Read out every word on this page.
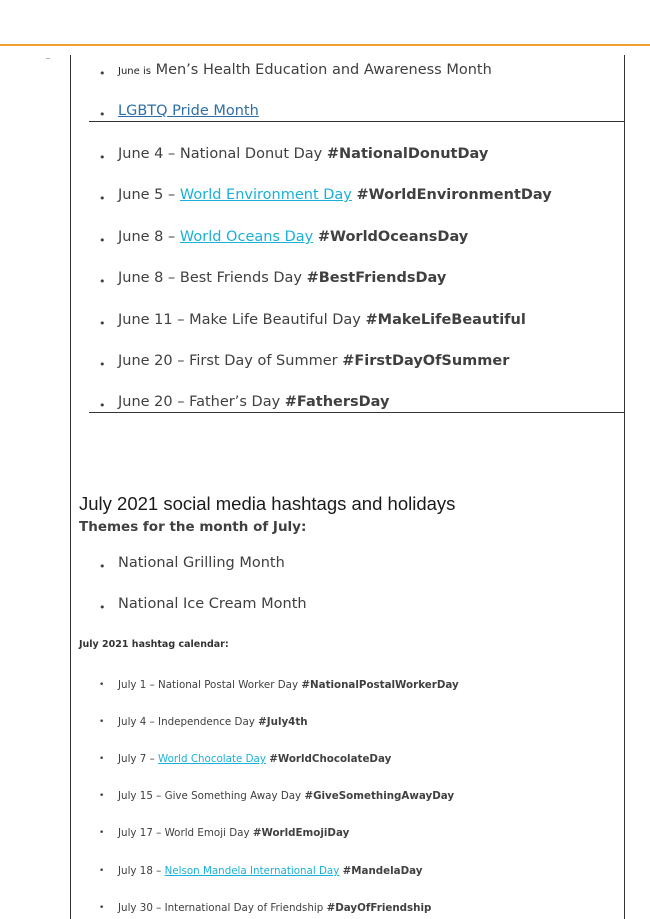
• June is Men’s Health Education and Awareness Month
• LGBTQ Pride Month
• June 4 – National Donut Day #NationalDonutDay
• June 5 – World Environment Day #WorldEnvironmentDay
• June 8 – World Oceans Day #WorldOceansDay
• June 8 – Best Friends Day #BestFriendsDay
• June 11 – Make Life Beautiful Day #MakeLifeBeautiful
• June 20 – First Day of Summer #FirstDayOfSummer
• June 20 – Father’s Day #FathersDay
July 2021 social media hashtags and holidays
Themes for the month of July:
• National Grilling Month
• National Ice Cream Month
July 2021 hashtag calendar:
• July 1 – National Postal Worker Day #NationalPostalWorkerDay
• July 4 – Independence Day #July4th
• July 7 – World Chocolate Day #WorldChocolateDay
• July 15 – Give Something Away Day #GiveSomethingAwayDay
• July 17 – World Emoji Day #WorldEmojiDay
• July 18 – Nelson Mandela International Day #MandelaDay
• July 30 – International Day of Friendship #DayOfFriendship
